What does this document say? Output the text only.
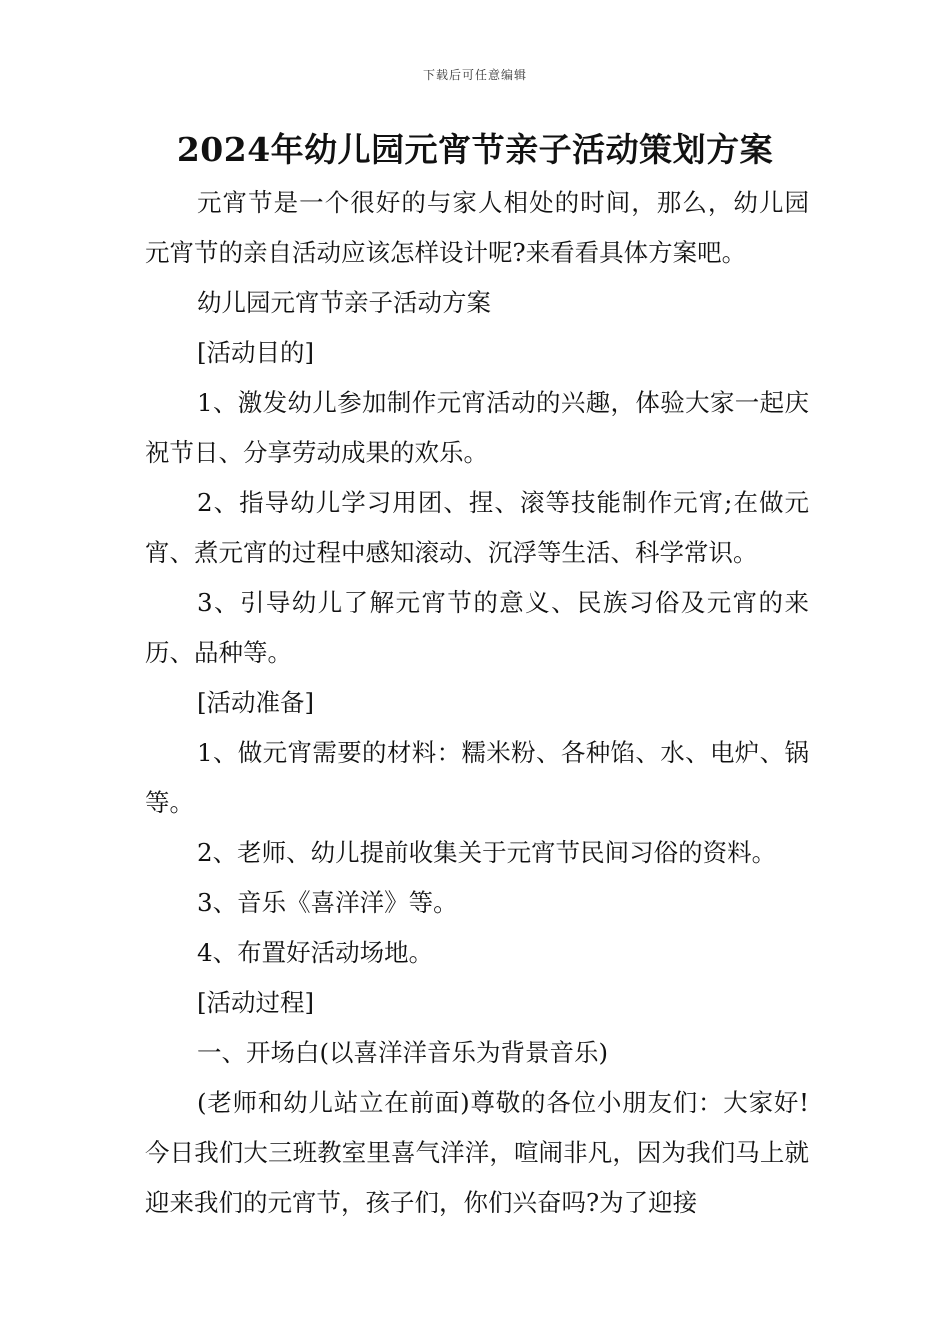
下载后可任意编辑
2024年幼儿园元宵节亲子活动策划方案

元宵节是一个很好的与家人相处的时间，那么，幼儿园元宵节的亲自活动应该怎样设计呢?来看看具体方案吧。

幼儿园元宵节亲子活动方案

[活动目的]

1、激发幼儿参加制作元宵活动的兴趣，体验大家一起庆祝节日、分享劳动成果的欢乐。

2、指导幼儿学习用团、捏、滚等技能制作元宵;在做元宵、煮元宵的过程中感知滚动、沉浮等生活、科学常识。

3、引导幼儿了解元宵节的意义、民族习俗及元宵的来历、品种等。

[活动准备]

1、做元宵需要的材料：糯米粉、各种馅、水、电炉、锅等。

2、老师、幼儿提前收集关于元宵节民间习俗的资料。

3、音乐《喜洋洋》等。

4、布置好活动场地。

[活动过程]

一、开场白(以喜洋洋音乐为背景音乐)

(老师和幼儿站立在前面)尊敬的各位小朋友们：大家好!今日我们大三班教室里喜气洋洋，喧闹非凡，因为我们马上就迎来我们的元宵节，孩子们，你们兴奋吗?为了迎接
